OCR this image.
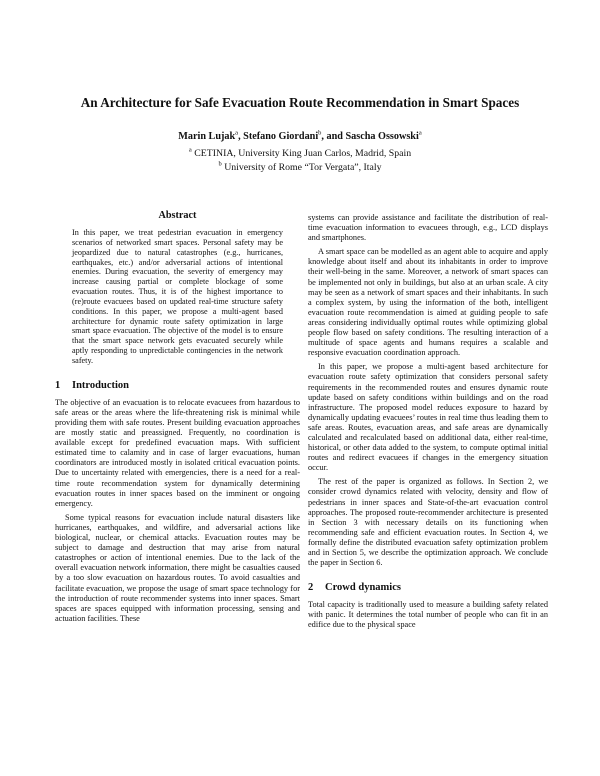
An Architecture for Safe Evacuation Route Recommendation in Smart Spaces
Marin Lujak$^a$, Stefano Giordani$^b$, and Sascha Ossowski$^a$
$^a$ CETINIA, University King Juan Carlos, Madrid, Spain
$^b$ University of Rome “Tor Vergata”, Italy
Abstract

In this paper, we treat pedestrian evacuation in emergency scenarios of networked smart spaces. Personal safety may be jeopardized due to natural catastrophes (e.g., hurricanes, earthquakes, etc.) and/or adversarial actions of intentional enemies. During evacuation, the severity of emergency may increase causing partial or complete blockage of some evacuation routes. Thus, it is of the highest importance to (re)route evacuees based on updated real-time structure safety conditions. In this paper, we propose a multi-agent based architecture for dynamic route safety optimization in large smart space evacuation. The objective of the model is to ensure that the smart space network gets evacuated securely while aptly responding to unpredictable contingencies in the network safety.

1 Introduction

The objective of an evacuation is to relocate evacuees from hazardous to safe areas or the areas where the life-threatening risk is minimal while providing them with safe routes. Present building evacuation approaches are mostly static and preassigned. Frequently, no coordination is available except for predefined evacuation maps. With sufficient estimated time to calamity and in case of larger evacuations, human coordinators are introduced mostly in isolated critical evacuation points. Due to uncertainty related with emergencies, there is a need for a real-time route recommendation system for dynamically determining evacuation routes in inner spaces based on the imminent or ongoing emergency.

Some typical reasons for evacuation include natural disasters like hurricanes, earthquakes, and wildfire, and adversarial actions like biological, nuclear, or chemical attacks. Evacuation routes may be subject to damage and destruction that may arise from natural catastrophes or action of intentional enemies. Due to the lack of the overall evacuation network information, there might be casualties caused by a too slow evacuation on hazardous routes. To avoid casualties and facilitate evacuation, we propose the usage of smart space technology for the introduction of route recommender systems into inner spaces. Smart spaces are spaces equipped with information processing, sensing and actuation facilities. These

systems can provide assistance and facilitate the distribution of real-time evacuation information to evacuees through, e.g., LCD displays and smartphones.

A smart space can be modelled as an agent able to acquire and apply knowledge about itself and about its inhabitants in order to improve their well-being in the same. Moreover, a network of smart spaces can be implemented not only in buildings, but also at an urban scale. A city may be seen as a network of smart spaces and their inhabitants. In such a complex system, by using the information of the both, intelligent evacuation route recommendation is aimed at guiding people to safe areas considering individually optimal routes while optimizing global people flow based on safety conditions. The resulting interaction of a multitude of space agents and humans requires a scalable and responsive evacuation coordination approach.

In this paper, we propose a multi-agent based architecture for evacuation route safety optimization that considers personal safety requirements in the recommended routes and ensures dynamic route update based on safety conditions within buildings and on the road infrastructure. The proposed model reduces exposure to hazard by dynamically updating evacuees’ routes in real time thus leading them to safe areas. Routes, evacuation areas, and safe areas are dynamically calculated and recalculated based on additional data, either real-time, historical, or other data added to the system, to compute optimal initial routes and redirect evacuees if changes in the emergency situation occur.

The rest of the paper is organized as follows. In Section 2, we consider crowd dynamics related with velocity, density and flow of pedestrians in inner spaces and State-of-the-art evacuation control approaches. The proposed route-recommender architecture is presented in Section 3 with necessary details on its functioning when recommending safe and efficient evacuation routes. In Section 4, we formally define the distributed evacuation safety optimization problem and in Section 5, we describe the optimization approach. We conclude the paper in Section 6.

2 Crowd dynamics

Total capacity is traditionally used to measure a building safety related with panic. It determines the total number of people who can fit in an edifice due to the physical space
